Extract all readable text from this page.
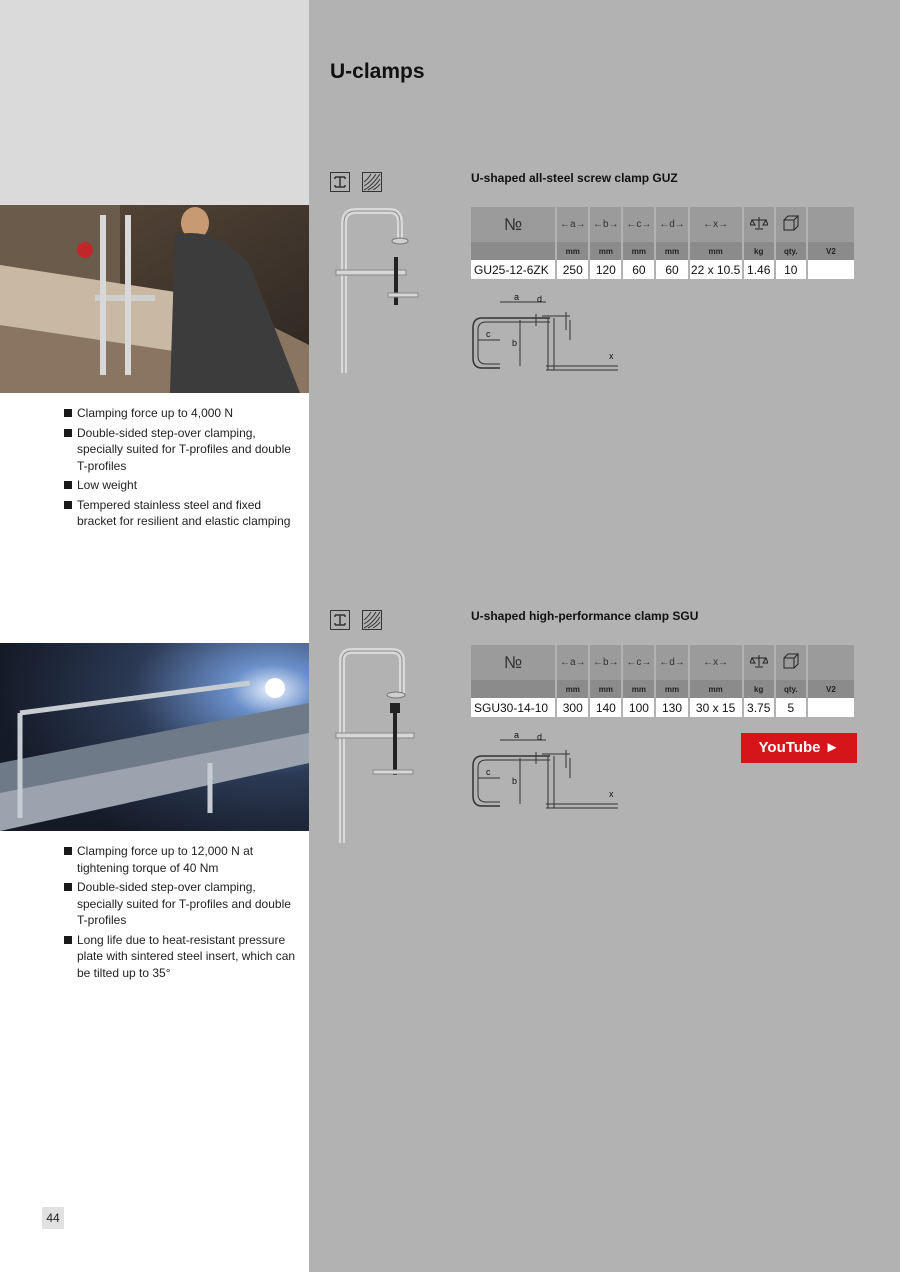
Clamping force up to 4,000 N
Double-sided step-over clamping, specially suited for T-profiles and double T-profiles
Low weight
Tempered stainless steel and fixed bracket for resilient and elastic clamping
Clamping force up to 12,000 N at tightening torque of 40 Nm
Double-sided step-over clamping, specially suited for T-profiles and double T-profiles
Long life due to heat-resistant pressure plate with sintered steel insert, which can be tilted up to 35°
44
U-clamps
U-shaped all-steel screw clamp GUZ
№	←a→	←b→	←c→	←d→	←x→			
	mm	mm	mm	mm	mm	kg	qty.	V2
GU25-12-6ZK	250	120	60	60	22 x 10.5	1.46	10	
a d
c
b
x
U-shaped high-performance clamp SGU
№	←a→	←b→	←c→	←d→	←x→			
	mm	mm	mm	mm	mm	kg	qty.	V2
SGU30-14-10	300	140	100	130	30 x 15	3.75	5	
a d
c
b
x
YouTube ►
